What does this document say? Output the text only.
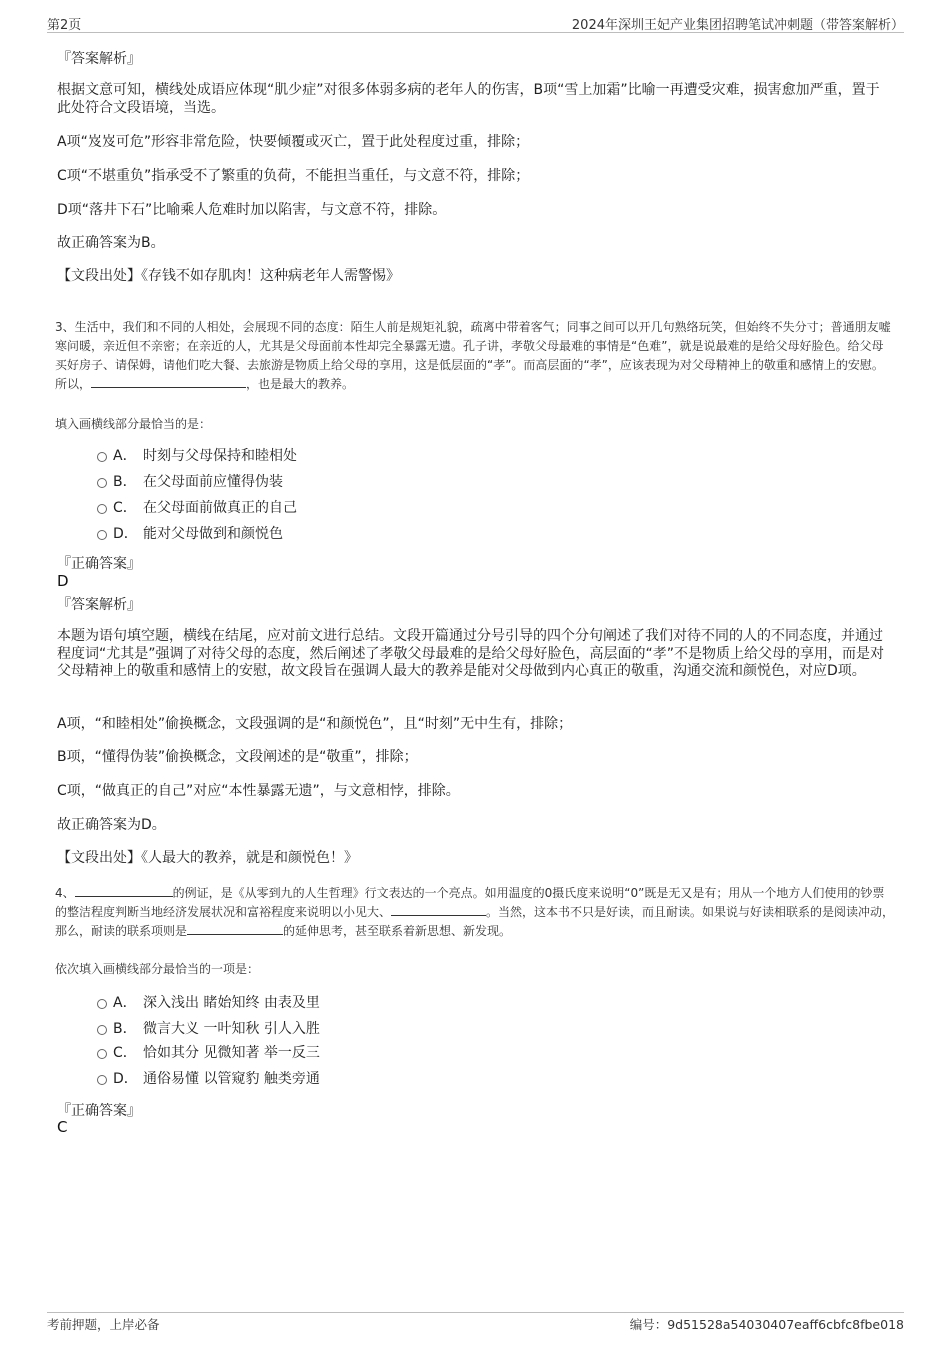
第2页	2024年深圳王妃产业集团招聘笔试冲刺题（带答案解析）
『答案解析』
根据文意可知，横线处成语应体现“肌少症”对很多体弱多病的老年人的伤害，B项“雪上加霜”比喻一再遭受灾难，损害愈加严重，置于此处符合文段语境，当选。
A项“岌岌可危”形容非常危险，快要倾覆或灭亡，置于此处程度过重，排除；
C项“不堪重负”指承受不了繁重的负荷，不能担当重任，与文意不符，排除；
D项“落井下石”比喻乘人危难时加以陷害，与文意不符，排除。
故正确答案为B。
【文段出处】《存钱不如存肌肉！这种病老年人需警惕》
3、生活中，我们和不同的人相处，会展现不同的态度：陌生人前是规矩礼貌，疏离中带着客气；同事之间可以开几句熟络玩笑，但始终不失分寸；普通朋友嘘寒问暖，亲近但不亲密；在亲近的人，尤其是父母面前本性却完全暴露无遗。孔子讲，孝敬父母最难的事情是“色难”，就是说最难的是给父母好脸色。给父母买好房子、请保姆，请他们吃大餐、去旅游是物质上给父母的享用，这是低层面的“孝”。而高层面的“孝”，应该表现为对父母精神上的敬重和感情上的安慰。所以，	，也是最大的教养。
填入画横线部分最恰当的是：
A． 时刻与父母保持和睦相处
B． 在父母面前应懂得伪装
C． 在父母面前做真正的自己
D． 能对父母做到和颜悦色
『正确答案』
D
『答案解析』
本题为语句填空题，横线在结尾，应对前文进行总结。文段开篇通过分号引导的四个分句阐述了我们对待不同的人的不同态度，并通过程度词“尤其是”强调了对待父母的态度，然后阐述了孝敬父母最难的是给父母好脸色，高层面的“孝”不是物质上给父母的享用，而是对父母精神上的敬重和感情上的安慰，故文段旨在强调人最大的教养是能对父母做到内心真正的敬重，沟通交流和颜悦色，对应D项。
A项，“和睦相处”偷换概念，文段强调的是“和颜悦色”，且“时刻”无中生有，排除；
B项，“懂得伪装”偷换概念，文段阐述的是“敬重”，排除；
C项，“做真正的自己”对应“本性暴露无遗”，与文意相悖，排除。
故正确答案为D。
【文段出处】《人最大的教养，就是和颜悦色！》
4、	的例证，是《从零到九的人生哲理》行文表达的一个亮点。如用温度的0摄氏度来说明“0”既是无又是有；用从一个地方人们使用的钞票的整洁程度判断当地经济发展状况和富裕程度来说明以小见大、	。当然，这本书不只是好读，而且耐读。如果说与好读相联系的是阅读冲动，那么，耐读的联系项则是	的延伸思考，甚至联系着新思想、新发现。
依次填入画横线部分最恰当的一项是：
A． 深入浅出 睹始知终 由表及里
B． 微言大义 一叶知秋 引人入胜
C． 恰如其分 见微知著 举一反三
D． 通俗易懂 以管窥豹 触类旁通
『正确答案』
C
考前押题，上岸必备	编号：9d51528a54030407eaff6cbfc8fbe018
